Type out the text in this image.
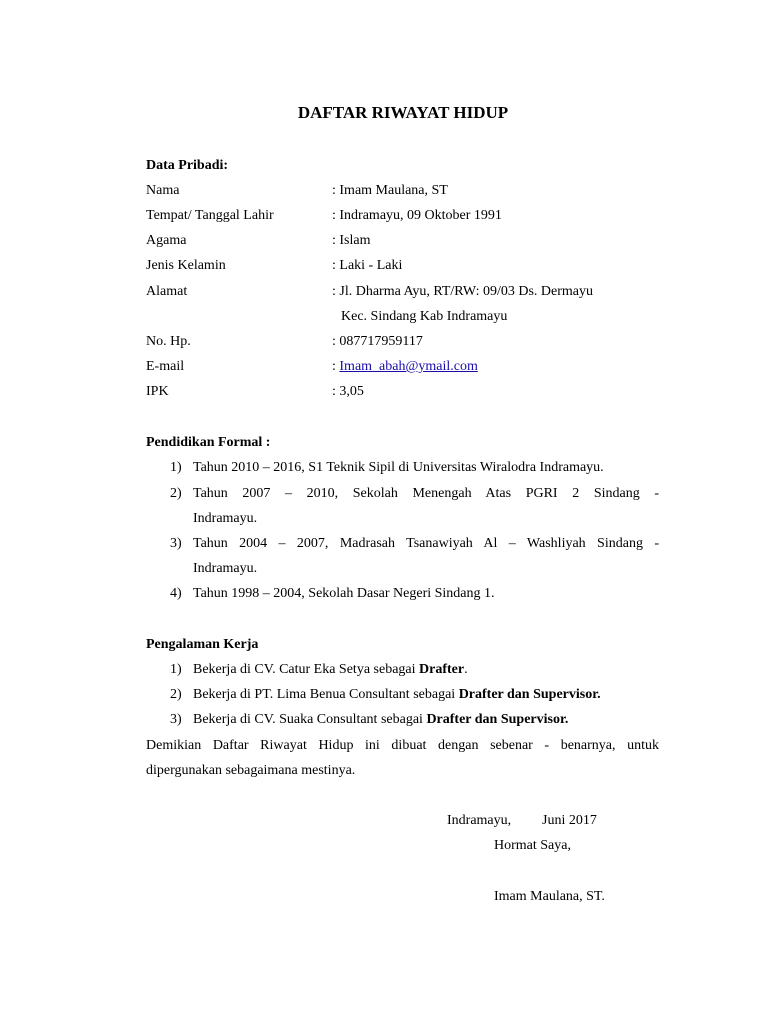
DAFTAR RIWAYAT HIDUP
Data Pribadi:
Nama	: Imam Maulana, ST
Tempat/ Tanggal Lahir	: Indramayu, 09 Oktober 1991
Agama	: Islam
Jenis Kelamin	: Laki - Laki
Alamat	: Jl. Dharma Ayu, RT/RW: 09/03 Ds. Dermayu
Kec. Sindang Kab Indramayu
No. Hp.	: 087717959117
E-mail	: Imam_abah@ymail.com
IPK	: 3,05
Pendidikan Formal :
1) Tahun 2010 – 2016, S1 Teknik Sipil di Universitas Wiralodra Indramayu.
2) Tahun 2007 – 2010, Sekolah Menengah Atas PGRI 2 Sindang -
Indramayu.
3) Tahun 2004 – 2007, Madrasah Tsanawiyah Al – Washliyah Sindang -
Indramayu.
4) Tahun 1998 – 2004, Sekolah Dasar Negeri Sindang 1.
Pengalaman Kerja
1) Bekerja di CV. Catur Eka Setya sebagai Drafter.
2) Bekerja di PT. Lima Benua Consultant sebagai Drafter dan Supervisor.
3) Bekerja di CV. Suaka Consultant sebagai Drafter dan Supervisor.
Demikian Daftar Riwayat Hidup ini dibuat dengan sebenar - benarnya, untuk
dipergunakan sebagaimana mestinya.
Indramayu, Juni 2017
Hormat Saya,
Imam Maulana, ST.
